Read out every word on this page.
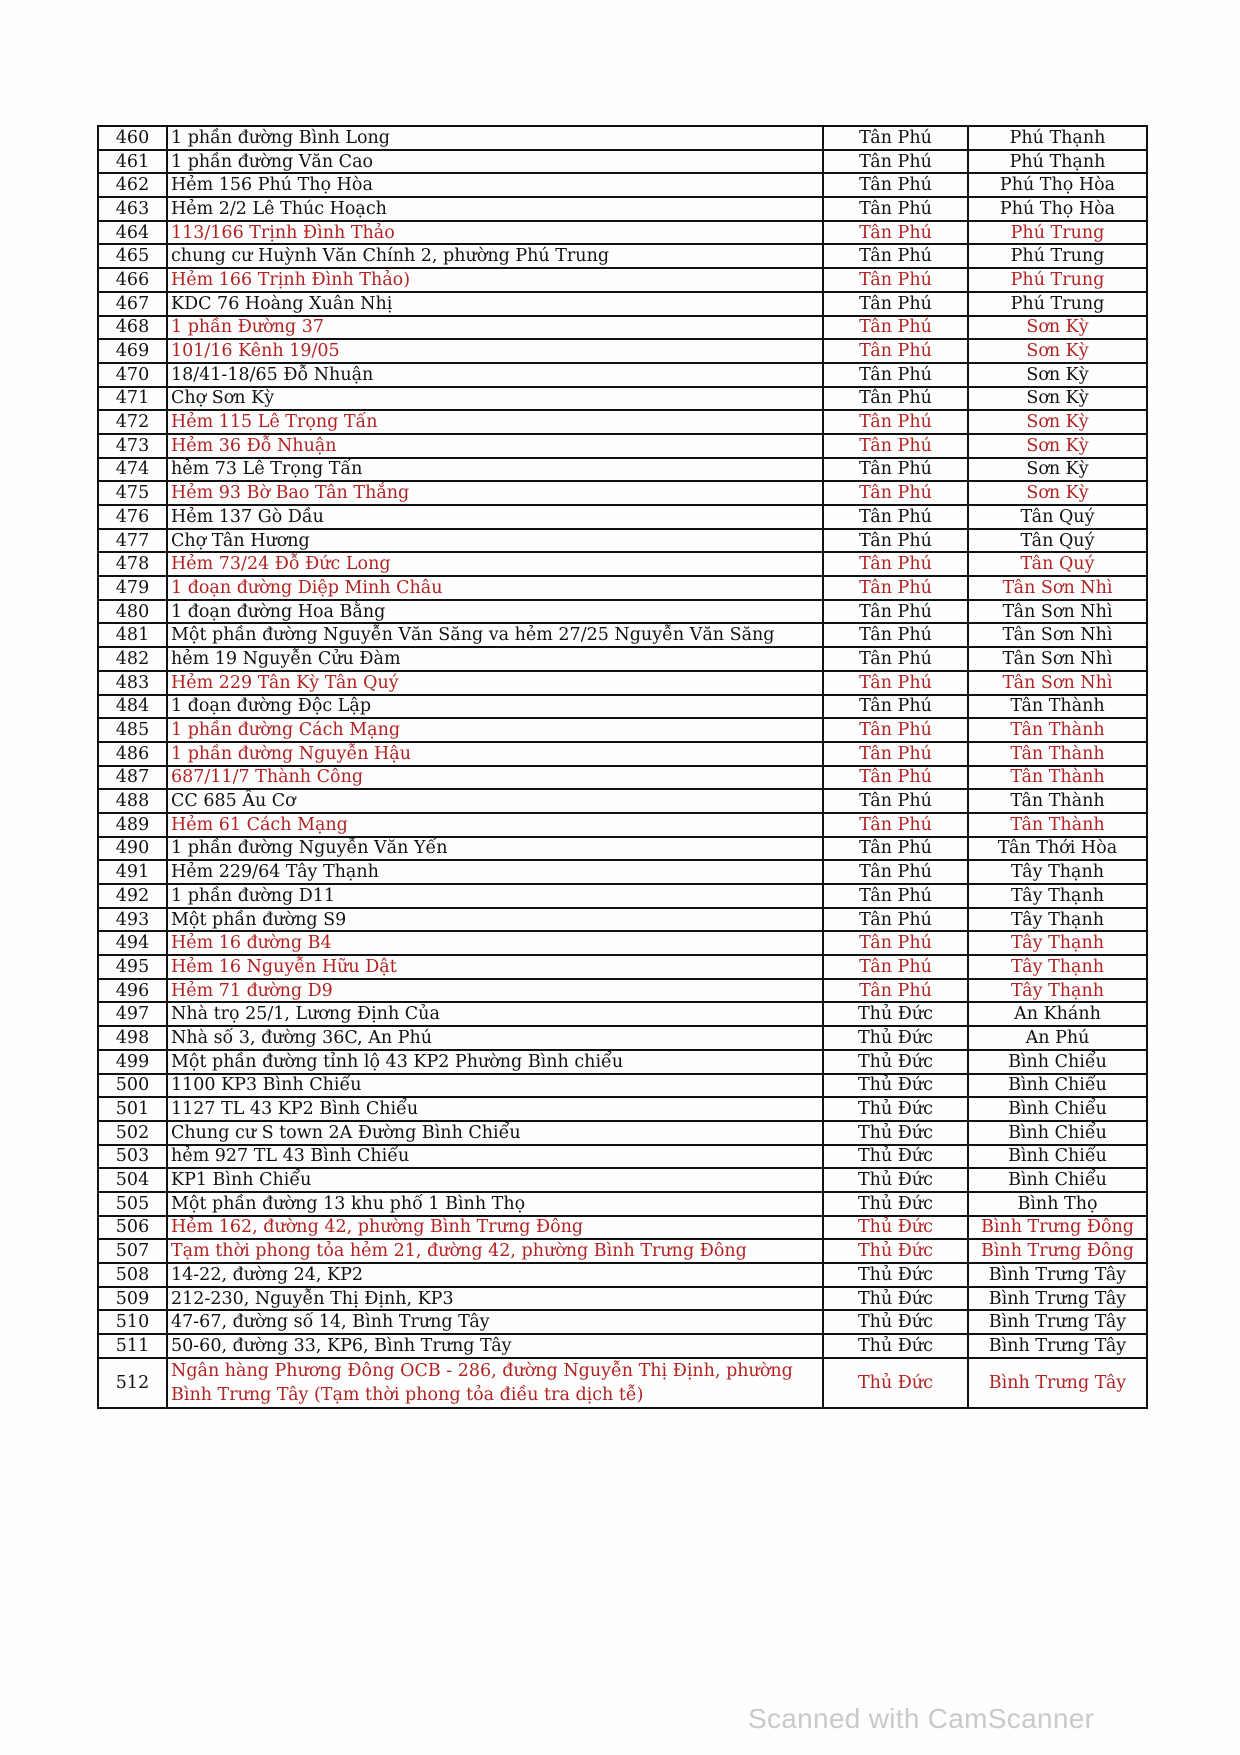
460	1 phần đường Bình Long	Tân Phú	Phú Thạnh
461	1 phần đường Văn Cao	Tân Phú	Phú Thạnh
462	Hẻm 156 Phú Thọ Hòa	Tân Phú	Phú Thọ Hòa
463	Hẻm 2/2 Lê Thúc Hoạch	Tân Phú	Phú Thọ Hòa
464	113/166 Trịnh Đình Thảo	Tân Phú	Phú Trung
465	chung cư Huỳnh Văn Chính 2, phường Phú Trung	Tân Phú	Phú Trung
466	Hẻm 166 Trịnh Đình Thảo)	Tân Phú	Phú Trung
467	KDC 76 Hoàng Xuân Nhị	Tân Phú	Phú Trung
468	1 phần Đường 37	Tân Phú	Sơn Kỳ
469	101/16 Kênh 19/05	Tân Phú	Sơn Kỳ
470	18/41-18/65 Đỗ Nhuận	Tân Phú	Sơn Kỳ
471	Chợ Sơn Kỳ	Tân Phú	Sơn Kỳ
472	Hẻm 115 Lê Trọng Tấn	Tân Phú	Sơn Kỳ
473	Hẻm 36 Đỗ Nhuận	Tân Phú	Sơn Kỳ
474	hẻm 73 Lê Trọng Tấn	Tân Phú	Sơn Kỳ
475	Hẻm 93 Bờ Bao Tân Thắng	Tân Phú	Sơn Kỳ
476	Hẻm 137 Gò Dầu	Tân Phú	Tân Quý
477	Chợ Tân Hương	Tân Phú	Tân Quý
478	Hẻm 73/24 Đỗ Đức Long	Tân Phú	Tân Quý
479	1 đoạn đường Diệp Minh Châu	Tân Phú	Tân Sơn Nhì
480	1 đoạn đường Hoa Bằng	Tân Phú	Tân Sơn Nhì
481	Một phần đường Nguyễn Văn Săng va hẻm 27/25 Nguyễn Văn Săng	Tân Phú	Tân Sơn Nhì
482	hẻm 19 Nguyễn Cửu Đàm	Tân Phú	Tân Sơn Nhì
483	Hẻm 229 Tân Kỳ Tân Quý	Tân Phú	Tân Sơn Nhì
484	1 đoạn đường Độc Lập	Tân Phú	Tân Thành
485	1 phần đường Cách Mạng	Tân Phú	Tân Thành
486	1 phần đường Nguyễn Hậu	Tân Phú	Tân Thành
487	687/11/7 Thành Công	Tân Phú	Tân Thành
488	CC 685 Âu Cơ	Tân Phú	Tân Thành
489	Hẻm 61 Cách Mạng	Tân Phú	Tân Thành
490	1 phần đường Nguyễn Văn Yến	Tân Phú	Tân Thới Hòa
491	Hẻm 229/64 Tây Thạnh	Tân Phú	Tây Thạnh
492	1 phần đường D11	Tân Phú	Tây Thạnh
493	Một phần đường S9	Tân Phú	Tây Thạnh
494	Hẻm 16 đường B4	Tân Phú	Tây Thạnh
495	Hẻm 16 Nguyễn Hữu Dật	Tân Phú	Tây Thạnh
496	Hẻm 71 đường D9	Tân Phú	Tây Thạnh
497	Nhà trọ 25/1, Lương Định Của	Thủ Đức	An Khánh
498	Nhà số 3, đường 36C, An Phú	Thủ Đức	An Phú
499	Một phần đường tỉnh lộ 43 KP2 Phường Bình chiểu	Thủ Đức	Bình Chiểu
500	1100 KP3 Bình Chiểu	Thủ Đức	Bình Chiểu
501	1127 TL 43 KP2 Bình Chiểu	Thủ Đức	Bình Chiểu
502	Chung cư S town 2A Đường Bình Chiểu	Thủ Đức	Bình Chiểu
503	hẻm 927 TL 43 Bình Chiểu	Thủ Đức	Bình Chiểu
504	KP1 Bình Chiểu	Thủ Đức	Bình Chiểu
505	Một phần đường 13 khu phố 1 Bình Thọ	Thủ Đức	Bình Thọ
506	Hẻm 162, đường 42, phường Bình Trưng Đông	Thủ Đức	Bình Trưng Đông
507	Tạm thời phong tỏa hẻm 21, đường 42, phường Bình Trưng Đông	Thủ Đức	Bình Trưng Đông
508	14-22, đường 24, KP2	Thủ Đức	Bình Trưng Tây
509	212-230, Nguyễn Thị Định, KP3	Thủ Đức	Bình Trưng Tây
510	47-67, đường số 14, Bình Trưng Tây	Thủ Đức	Bình Trưng Tây
511	50-60, đường 33, KP6, Bình Trưng Tây	Thủ Đức	Bình Trưng Tây
512	Ngân hàng Phương Đông OCB - 286, đường Nguyễn Thị Định, phường Bình Trưng Tây (Tạm thời phong tỏa điều tra dịch tễ)	Thủ Đức	Bình Trưng Tây
Scanned with CamScanner
